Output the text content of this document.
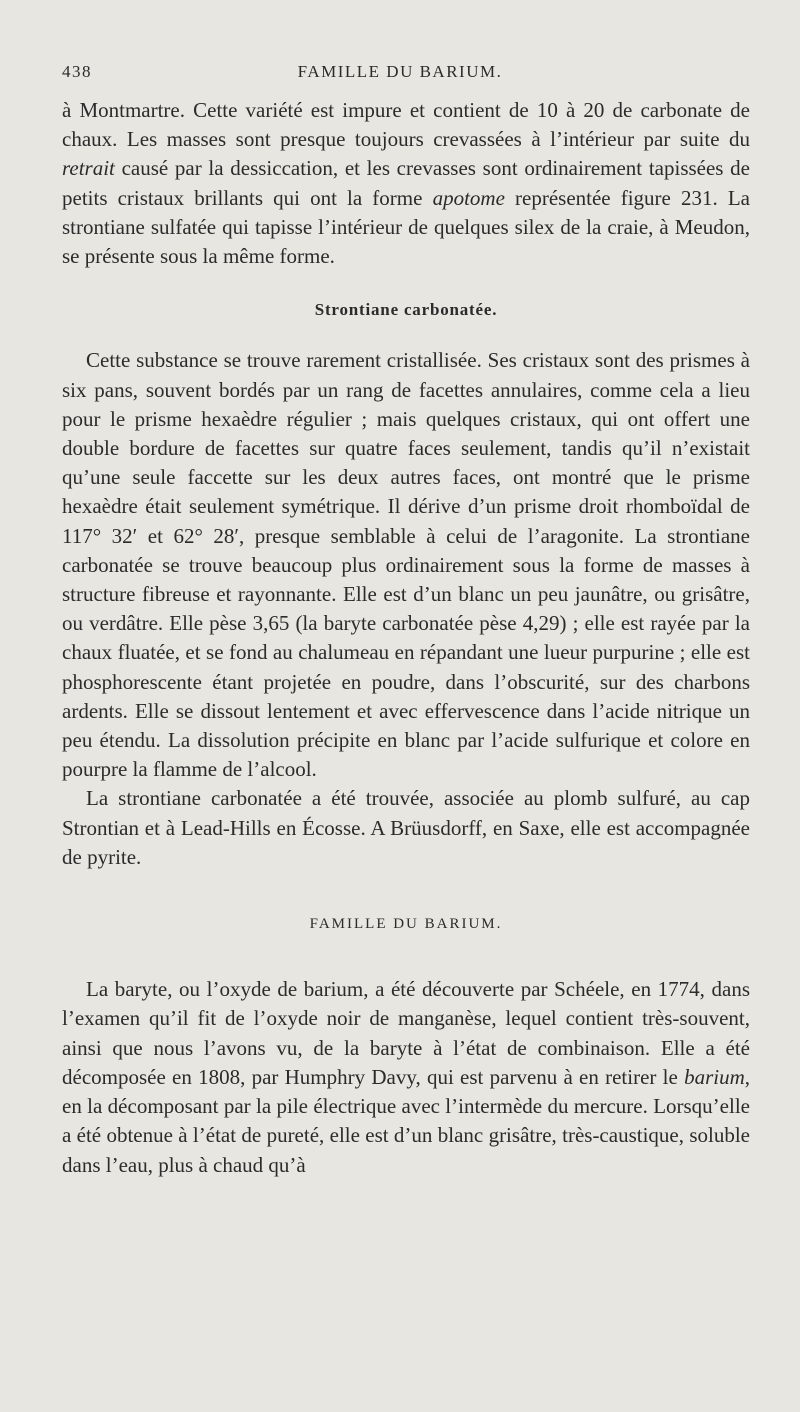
438	FAMILLE DU BARIUM.

à Montmartre. Cette variété est impure et contient de 10 à 20 de carbonate de chaux. Les masses sont presque toujours crevassées à l’intérieur par suite du retrait causé par la dessiccation, et les crevasses sont ordinairement tapissées de petits cristaux brillants qui ont la forme apotome représentée figure 231. La strontiane sulfatée qui tapisse l’intérieur de quelques silex de la craie, à Meudon, se présente sous la même forme.

Strontiane carbonatée.

Cette substance se trouve rarement cristallisée. Ses cristaux sont des prismes à six pans, souvent bordés par un rang de facettes annulaires, comme cela a lieu pour le prisme hexaèdre régulier ; mais quelques cristaux, qui ont offert une double bordure de facettes sur quatre faces seulement, tandis qu’il n’existait qu’une seule faccette sur les deux autres faces, ont montré que le prisme hexaèdre était seulement symétrique. Il dérive d’un prisme droit rhomboïdal de 117° 32′ et 62° 28′, presque semblable à celui de l’aragonite. La strontiane carbonatée se trouve beaucoup plus ordinairement sous la forme de masses à structure fibreuse et rayonnante. Elle est d’un blanc un peu jaunâtre, ou grisâtre, ou verdâtre. Elle pèse 3,65 (la baryte carbonatée pèse 4,29) ; elle est rayée par la chaux fluatée, et se fond au chalumeau en répandant une lueur purpurine ; elle est phosphorescente étant projetée en poudre, dans l’obscurité, sur des charbons ardents. Elle se dissout lentement et avec effervescence dans l’acide nitrique un peu étendu. La dissolution précipite en blanc par l’acide sulfurique et colore en pourpre la flamme de l’alcool.

La strontiane carbonatée a été trouvée, associée au plomb sulfuré, au cap Strontian et à Lead-Hills en Écosse. A Brüusdorff, en Saxe, elle est accompagnée de pyrite.

FAMILLE DU BARIUM.

La baryte, ou l’oxyde de barium, a été découverte par Schéele, en 1774, dans l’examen qu’il fit de l’oxyde noir de manganèse, lequel contient très-souvent, ainsi que nous l’avons vu, de la baryte à l’état de combinaison. Elle a été décomposée en 1808, par Humphry Davy, qui est parvenu à en retirer le barium, en la décomposant par la pile électrique avec l’intermède du mercure. Lorsqu’elle a été obtenue à l’état de pureté, elle est d’un blanc grisâtre, très-caustique, soluble dans l’eau, plus à chaud qu’à
